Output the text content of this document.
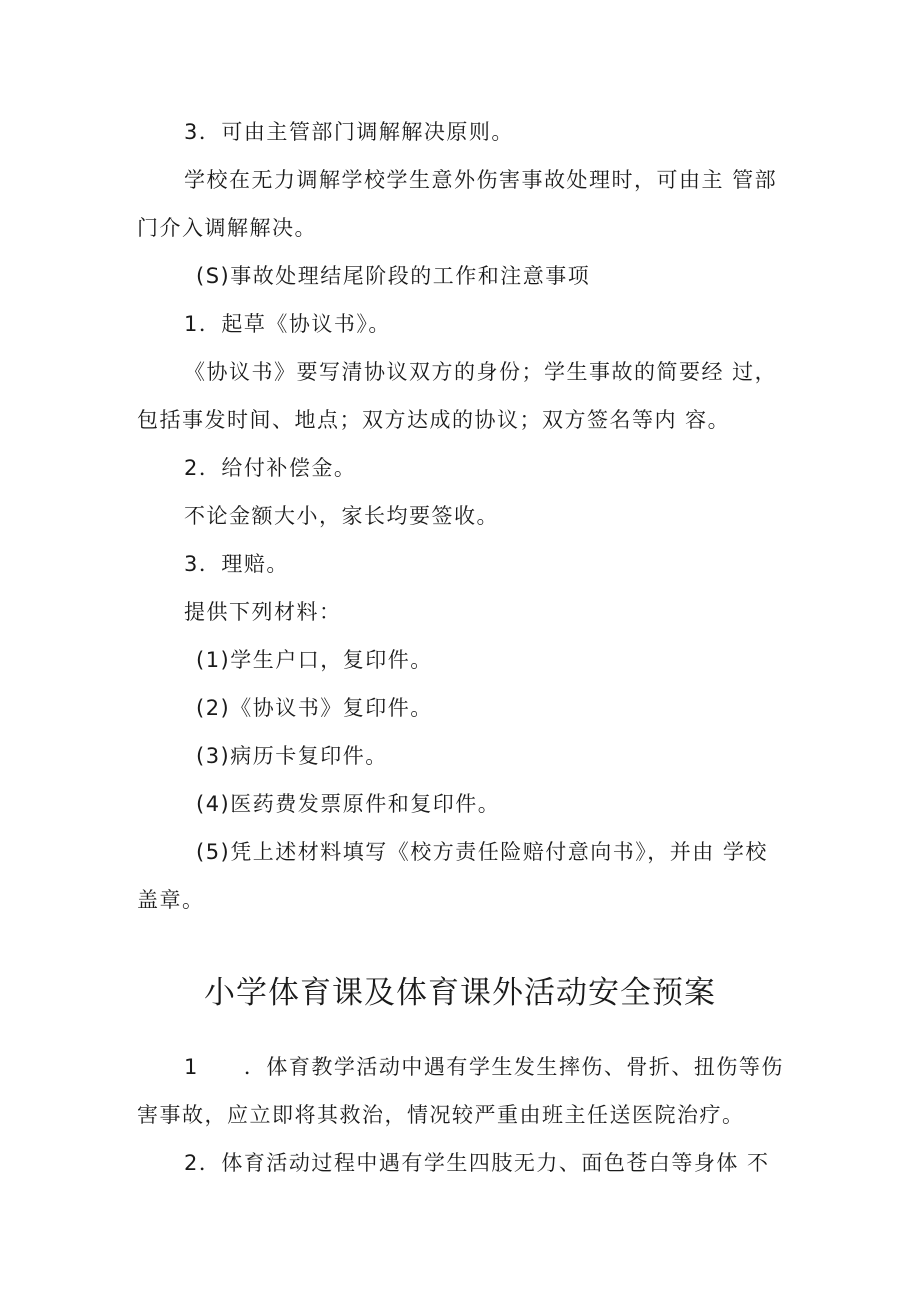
3．可由主管部门调解解决原则。
学校在无力调解学校学生意外伤害事故处理时，可由主 管部
门介入调解解决。
(S)事故处理结尾阶段的工作和注意事项
1．起草《协议书》。
《协议书》要写清协议双方的身份；学生事故的简要经 过，
包括事发时间、地点；双方达成的协议；双方签名等内 容。
2．给付补偿金。
不论金额大小，家长均要签收。
3．理赔。
提供下列材料：
(1)学生户口，复印件。
(2)《协议书》复印件。
(3)病历卡复印件。
(4)医药费发票原件和复印件。
(5)凭上述材料填写《校方责任险赔付意向书》，并由 学校
盖章。
小学体育课及体育课外活动安全预案
1　　．体育教学活动中遇有学生发生摔伤、骨折、扭伤等伤
害事故，应立即将其救治，情况较严重由班主任送医院治疗。
2．体育活动过程中遇有学生四肢无力、面色苍白等身体 不
